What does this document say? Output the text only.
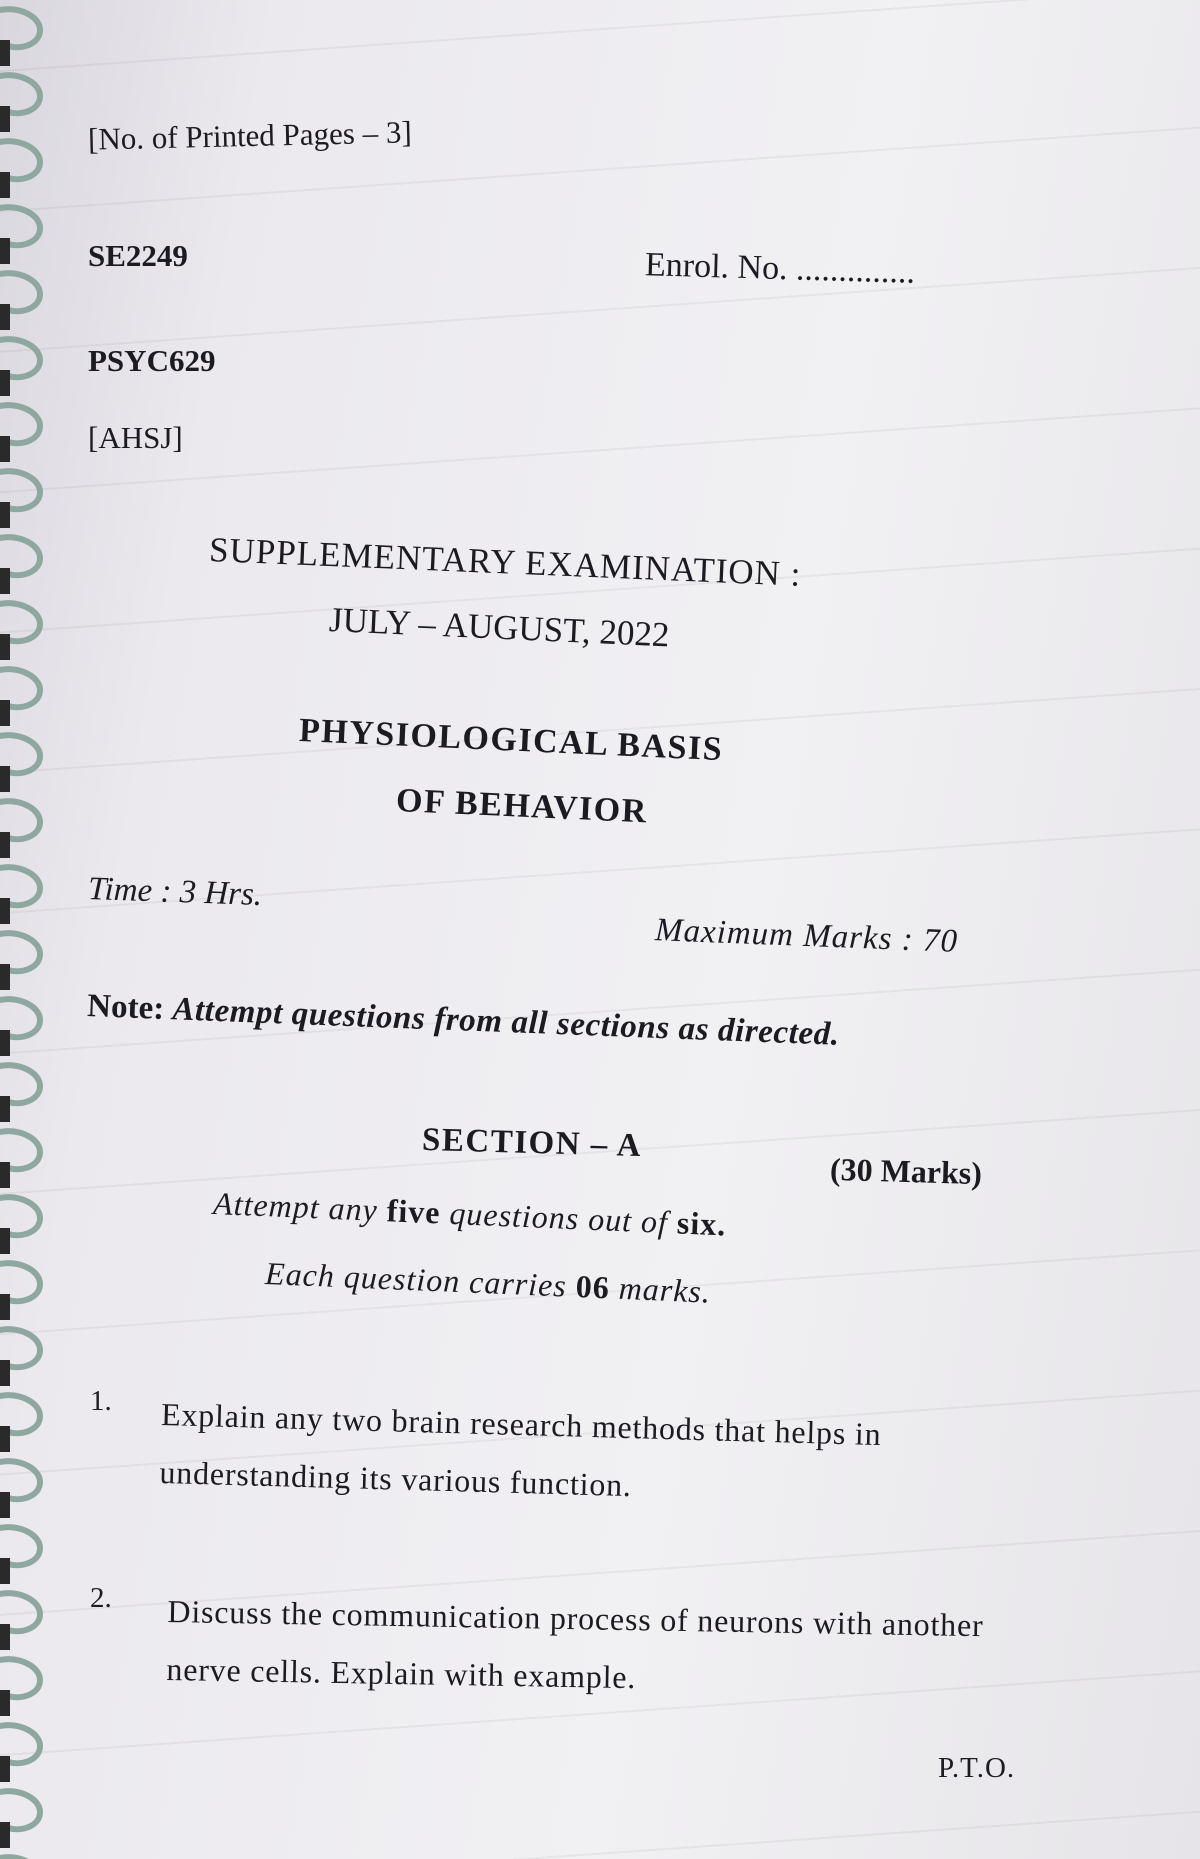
[No. of Printed Pages – 3]
SE2249	Enrol. No. ..............
PSYC629
[AHSJ]
SUPPLEMENTARY EXAMINATION :
JULY – AUGUST, 2022
PHYSIOLOGICAL BASIS
OF BEHAVIOR
Time : 3 Hrs.
Maximum Marks : 70
Note: Attempt questions from all sections as directed.
SECTION – A
(30 Marks)
Attempt any five questions out of six.
Each question carries 06 marks.
1. Explain any two brain research methods that helps in understanding its various function.
2. Discuss the communication process of neurons with another nerve cells. Explain with example.
P.T.O.
